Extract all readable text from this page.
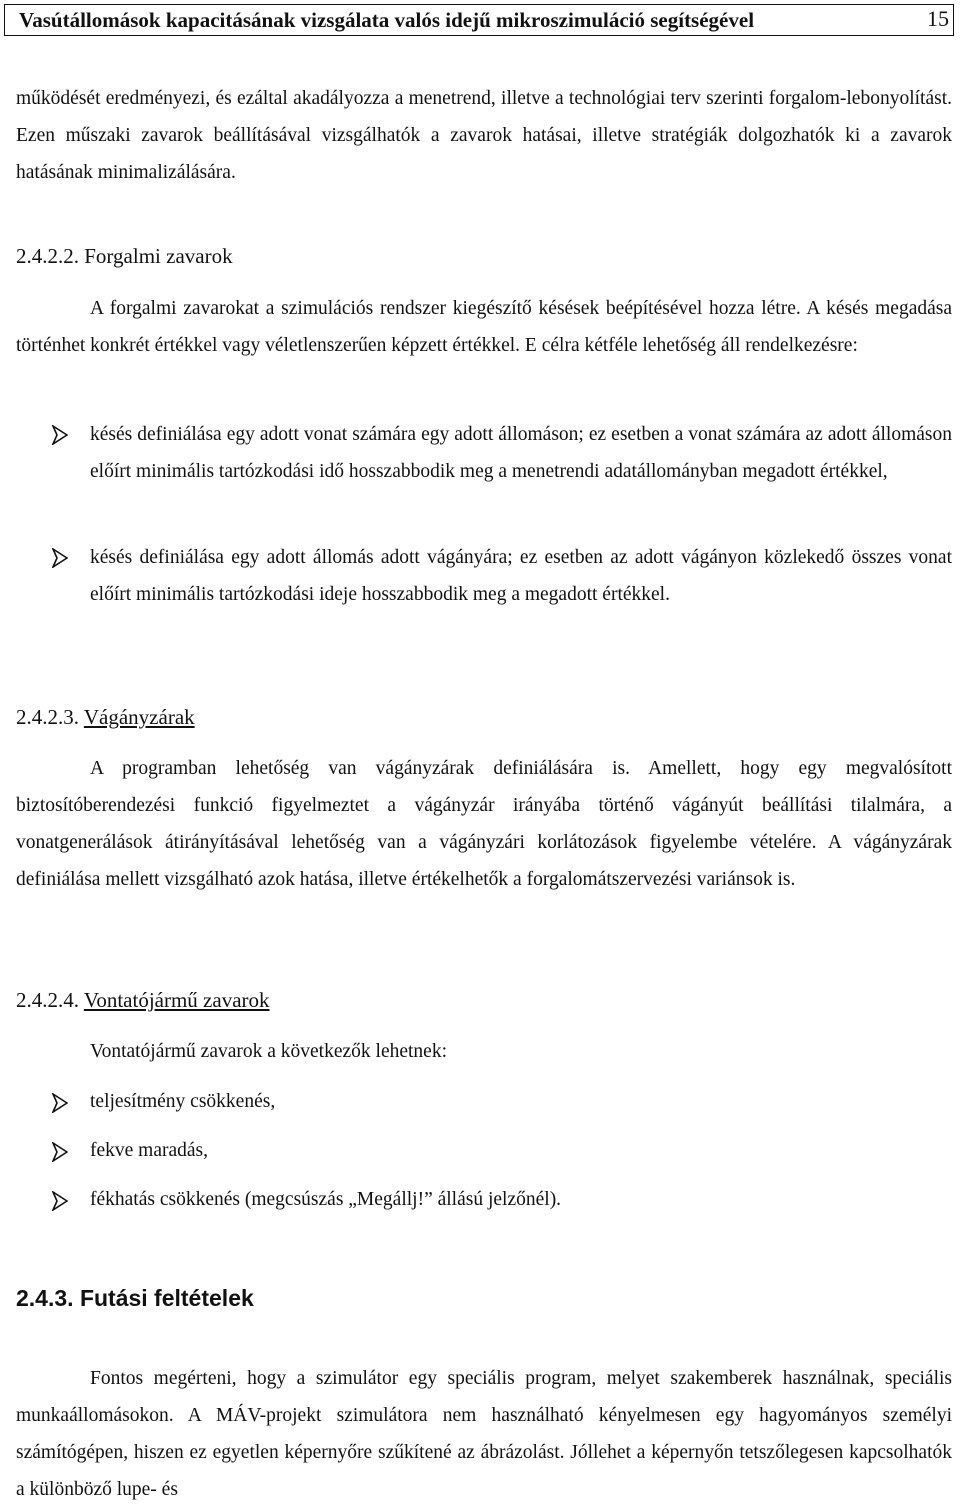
Vasútállomások kapacitásának vizsgálata valós idejű mikroszimuláció segítségével	15

működését eredményezi, és ezáltal akadályozza a menetrend, illetve a technológiai terv szerinti forgalom-lebonyolítást. Ezen műszaki zavarok beállításával vizsgálhatók a zavarok hatásai, illetve stratégiák dolgozhatók ki a zavarok hatásának minimalizálására.

2.4.2.2. Forgalmi zavarok

A forgalmi zavarokat a szimulációs rendszer kiegészítő késések beépítésével hozza létre. A késés megadása történhet konkrét értékkel vagy véletlenszerűen képzett értékkel. E célra kétféle lehetőség áll rendelkezésre:

késés definiálása egy adott vonat számára egy adott állomáson; ez esetben a vonat számára az adott állomáson előírt minimális tartózkodási idő hosszabbodik meg a menetrendi adatállományban megadott értékkel,

késés definiálása egy adott állomás adott vágányára; ez esetben az adott vágányon közlekedő összes vonat előírt minimális tartózkodási ideje hosszabbodik meg a megadott értékkel.

2.4.2.3. Vágányzárak

A programban lehetőség van vágányzárak definiálására is. Amellett, hogy egy megvalósított biztosítóberendezési funkció figyelmeztet a vágányzár irányába történő vágányút beállítási tilalmára, a vonatgenerálások átirányításával lehetőség van a vágányzári korlátozások figyelembe vételére. A vágányzárak definiálása mellett vizsgálható azok hatása, illetve értékelhetők a forgalomátszervezési variánsok is.

2.4.2.4. Vontatójármű zavarok
Vontatójármű zavarok a következők lehetnek:
teljesítmény csökkenés,
fekve maradás,
fékhatás csökkenés (megcsúszás „Megállj!” állású jelzőnél).
2.4.3. Futási feltételek

Fontos megérteni, hogy a szimulátor egy speciális program, melyet szakemberek használnak, speciális munkaállomásokon. A MÁV-projekt szimulátora nem használható kényelmesen egy hagyományos személyi számítógépen, hiszen ez egyetlen képernyőre szűkítené az ábrázolást. Jóllehet a képernyőn tetszőlegesen kapcsolhatók a különböző lupe- és
